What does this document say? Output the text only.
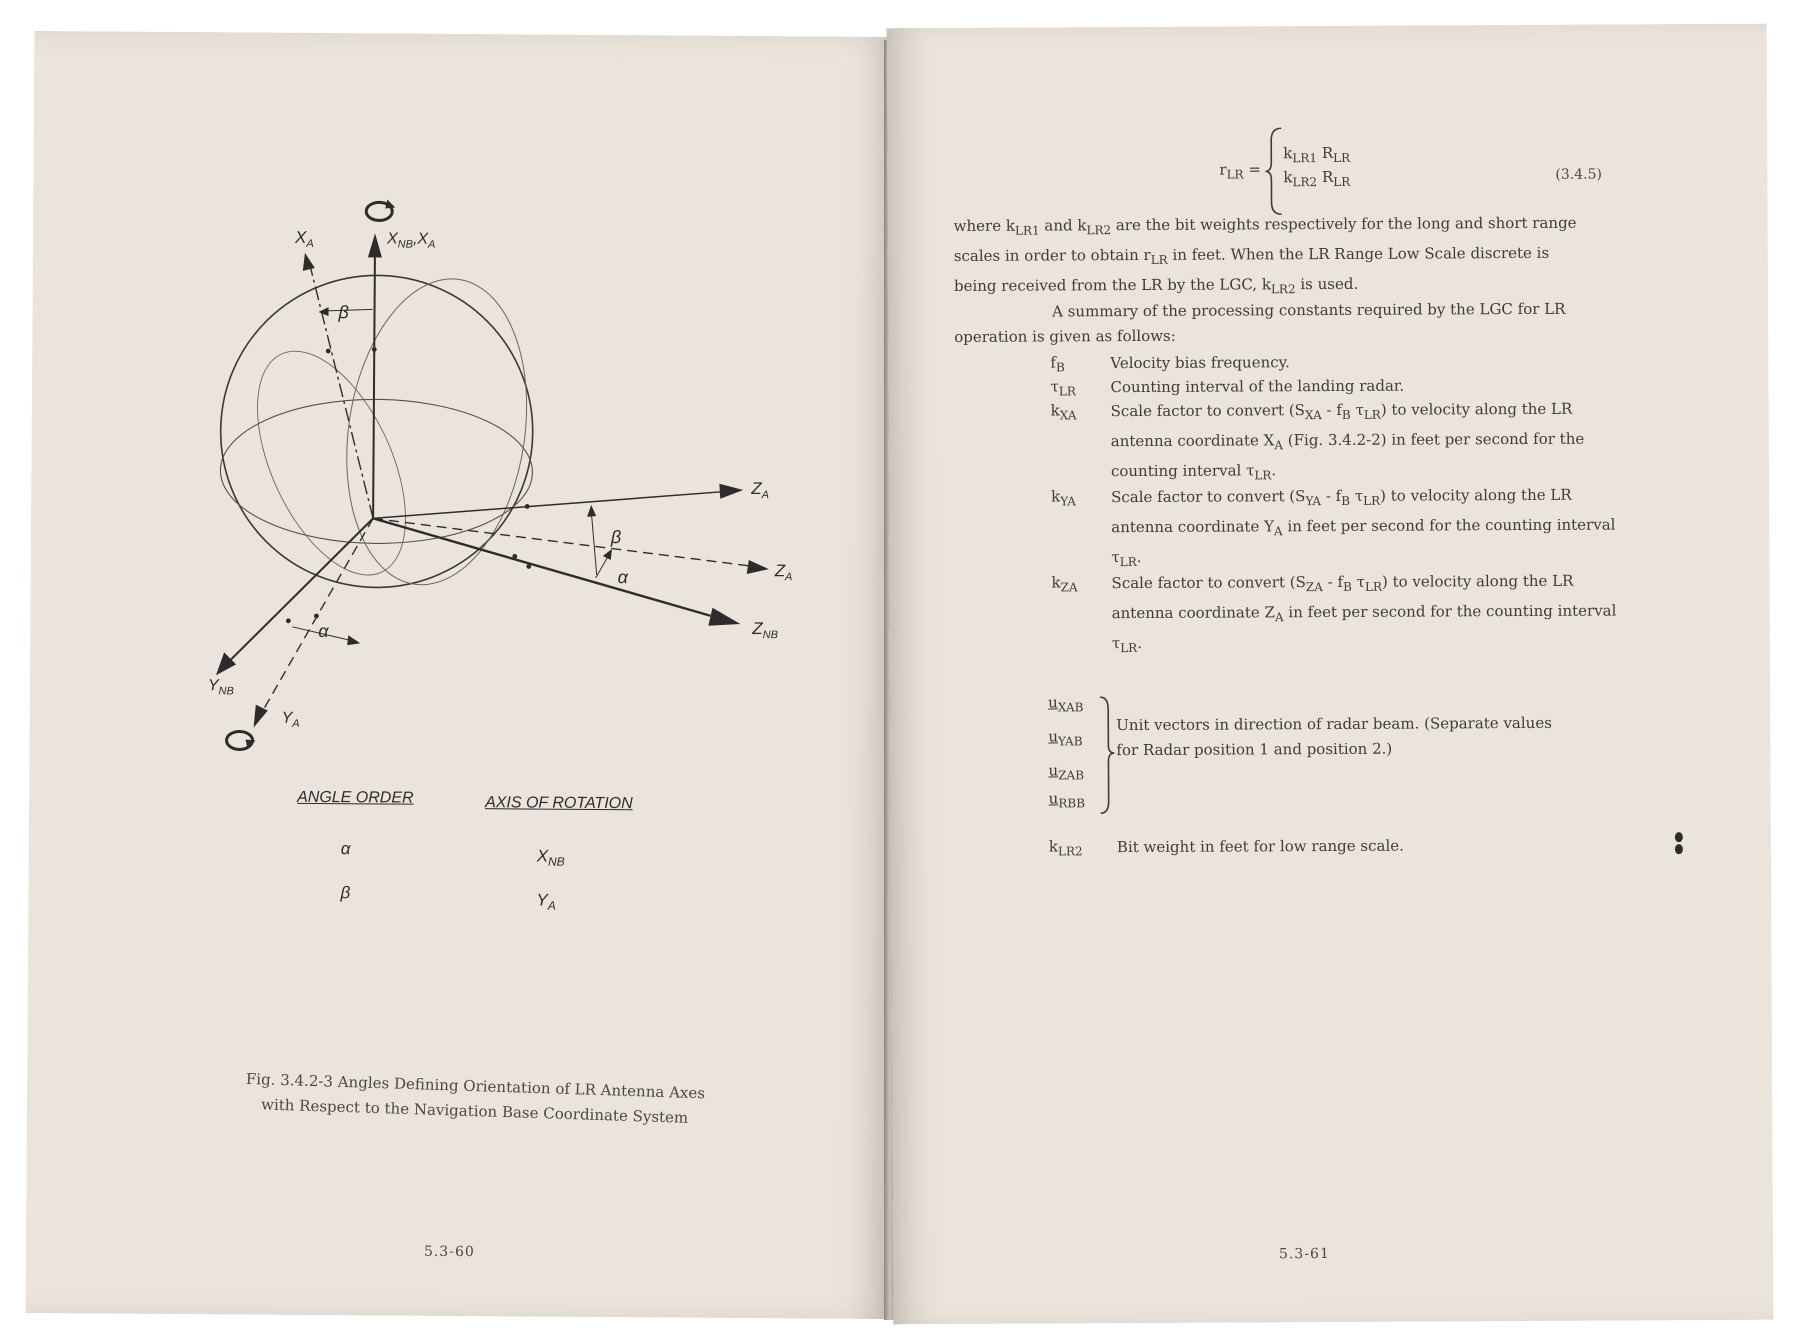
$X_A$	$X_{NB},X_A$
$Z_A$
$Z_A$
$Z_{NB}$
$Y_{NB}$
$Y_A$
β
β
α
α
ANGLE ORDER	AXIS OF ROTATION
α	$X_{NB}$
β	$Y_A$
Fig. 3.4.2-3 Angles Defining Orientation of LR Antenna Axes
with Respect to the Navigation Base Coordinate System
5.3-60
$r_{LR}$ =
$k_{LR1}$ $R_{LR}$
$k_{LR2}$ $R_{LR}$	(3.4.5)
where $k_{LR1}$ and $k_{LR2}$ are the bit weights respectively for the long and short range
scales in order to obtain $r_{LR}$ in feet. When the LR Range Low Scale discrete is
being received from the LR by the LGC, $k_{LR2}$ is used.
A summary of the processing constants required by the LGC for LR
operation is given as follows:
$f_B$	Velocity bias frequency.
$\tau_{LR}$ Counting interval of the landing radar.
$k_{XA}$ Scale factor to convert ($S_{XA} - f_B$ $\tau_{LR}$) to velocity along the LR
antenna coordinate $X_A$ (Fig. 3.4.2-2) in feet per second for the
counting interval $\tau_{LR}$.
$k_{YA}$ Scale factor to convert ($S_{YA} - f_B$ $\tau_{LR}$) to velocity along the LR
antenna coordinate $Y_A$ in feet per second for the counting interval
$\tau_{LR}$.
$k_{ZA}$ Scale factor to convert ($S_{ZA} - f_B$ $\tau_{LR}$) to velocity along the LR
antenna coordinate $Z_A$ in feet per second for the counting interval
$\tau_{LR}$.
$u_{XAB}$
$u_{YAB}$
$u_{ZAB}$
$u_{RBB}$
Unit vectors in direction of radar beam. (Separate values
for Radar position 1 and position 2.)
$k_{LR2}$ Bit weight in feet for low range scale.
5.3-61
